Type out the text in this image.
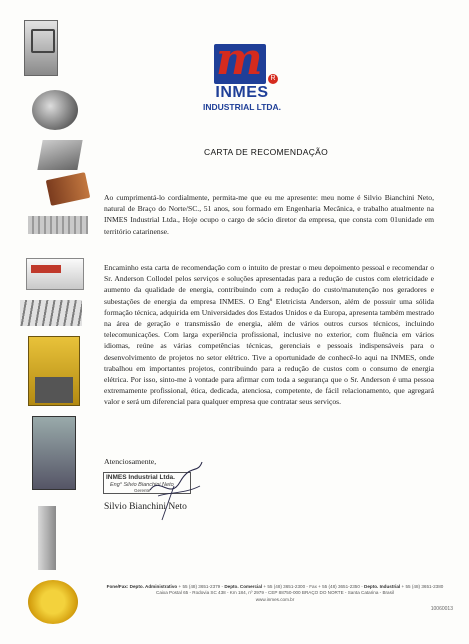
m	R
INMES
INDUSTRIAL LTDA.
CARTA DE RECOMENDAÇÃO

Ao cumprimentá-lo cordialmente, permita-me que eu me apresente: meu nome é Silvio Bianchini Neto, natural de Braço do Norte/SC., 51 anos, sou formado em Engenharia Mecânica, e trabalho atualmente na INMES Industrial Ltda., Hoje ocupo o cargo de sócio diretor da empresa, que consta com 01unidade em território catarinense.

Encaminho esta carta de recomendação com o intuito de prestar o meu depoimento pessoal e recomendar o Sr. Anderson Collodel pelos serviços e soluções apresentadas para a redução de custos com eletricidade e aumento da qualidade de energia, contribuindo com a redução do custo/manutenção nos geradores e subestações de energia da empresa INMES. O Engº Eletricista Anderson, além de possuir uma sólida formação técnica, adquirida em Universidades dos Estados Unidos e da Europa, apresenta também mestrado na área de geração e transmissão de energia, além de vários outros cursos técnicos, incluindo telecomunicações. Com larga experiência profissional, inclusive no exterior, com fluência em vários idiomas, reúne as várias competências técnicas, gerenciais e pessoais indispensáveis para o desenvolvimento de projetos no setor elétrico. Tive a oportunidade de conhecê-lo aqui na INMES, onde trabalhou em importantes projetos, contribuindo para a redução de custos com o consumo de energia elétrica. Por isso, sinto-me à vontade para afirmar com toda a segurança que o Sr. Anderson é uma pessoa extremamente profissional, ética, dedicada, atenciosa, competente, de fácil relacionamento, que agregará valor e será um diferencial para qualquer empresa que contratar seus serviços.

Atenciosamente,
INMES Industrial Ltda.
Eng° Silvio Bianchini Neto
Gerente
Silvio Bianchini Neto
Fone/Fax: Depto. Administrativo + 55 (48) 3651-2379 - Depto. Comercial + 55 (48) 3651-2300 - Fax + 55 (48) 3651-2350 - Depto. Industrial + 55 (48) 3651-2380
Caixa Postal 65 - Rodovia SC 438 - Km 184, nº 2979 - CEP 88750-000 BRAÇO DO NORTE - Santa Catarina - Brasil
www.inmes.com.br
10060013
